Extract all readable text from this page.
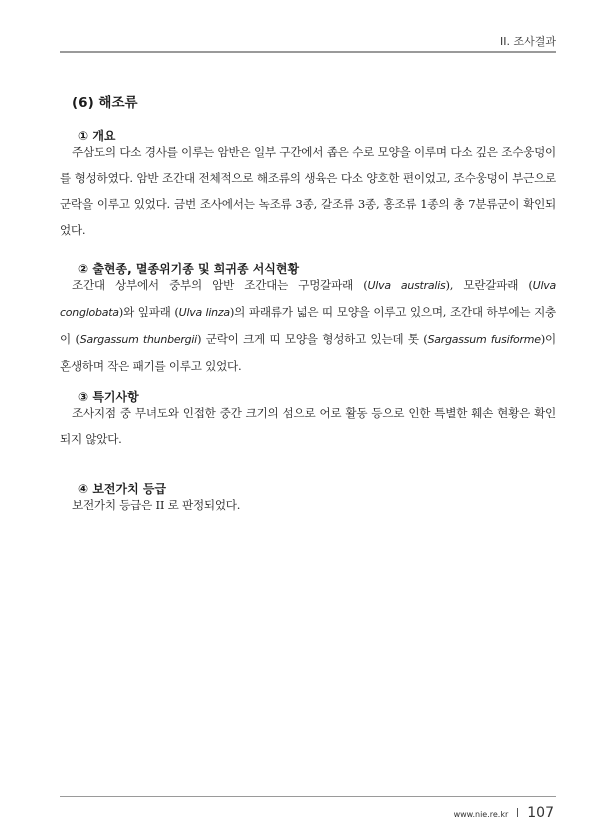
II. 조사결과
(6) 해조류
① 개요

주삼도의 다소 경사를 이루는 암반은 일부 구간에서 좁은 수로 모양을 이루며 다소 깊은 조수웅덩이를 형성하였다. 암반 조간대 전체적으로 해조류의 생육은 다소 양호한 편이었고, 조수웅덩이 부근으로 군락을 이루고 있었다. 금번 조사에서는 녹조류 3종, 갈조류 3종, 홍조류 1종의 총 7분류군이 확인되었다.

② 출현종, 멸종위기종 및 희귀종 서식현황

조간대 상부에서 중부의 암반 조간대는 구멍갈파래 (Ulva australis), 모란갈파래 (Ulva conglobata)와 잎파래 (Ulva linza)의 파래류가 넓은 띠 모양을 이루고 있으며, 조간대 하부에는 지충이 (Sargassum thunbergii) 군락이 크게 띠 모양을 형성하고 있는데 톳 (Sargassum fusiforme)이 혼생하며 작은 패기를 이루고 있었다.

③ 특기사항

조사지점 중 무녀도와 인접한 중간 크기의 섬으로 어로 활동 등으로 인한 특별한 훼손 현황은 확인되지 않았다.

④ 보전가치 등급

보전가치 등급은 II 로 판정되었다.

www.nie.re.kr 107
